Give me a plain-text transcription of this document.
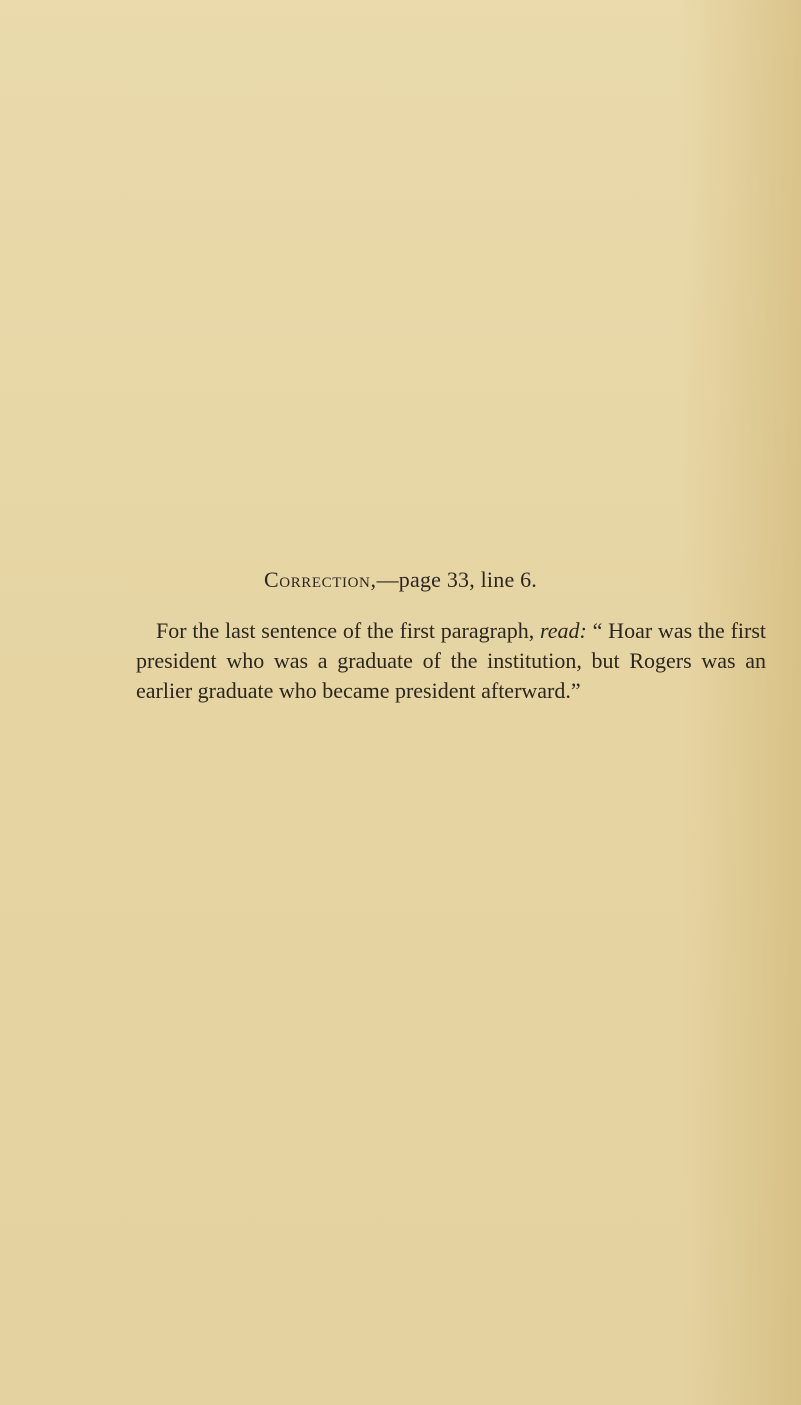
Correction,—page 33, line 6.

For the last sentence of the first paragraph, read: “ Hoar was the first president who was a graduate of the institution, but Rogers was an earlier graduate who became president afterward.”
